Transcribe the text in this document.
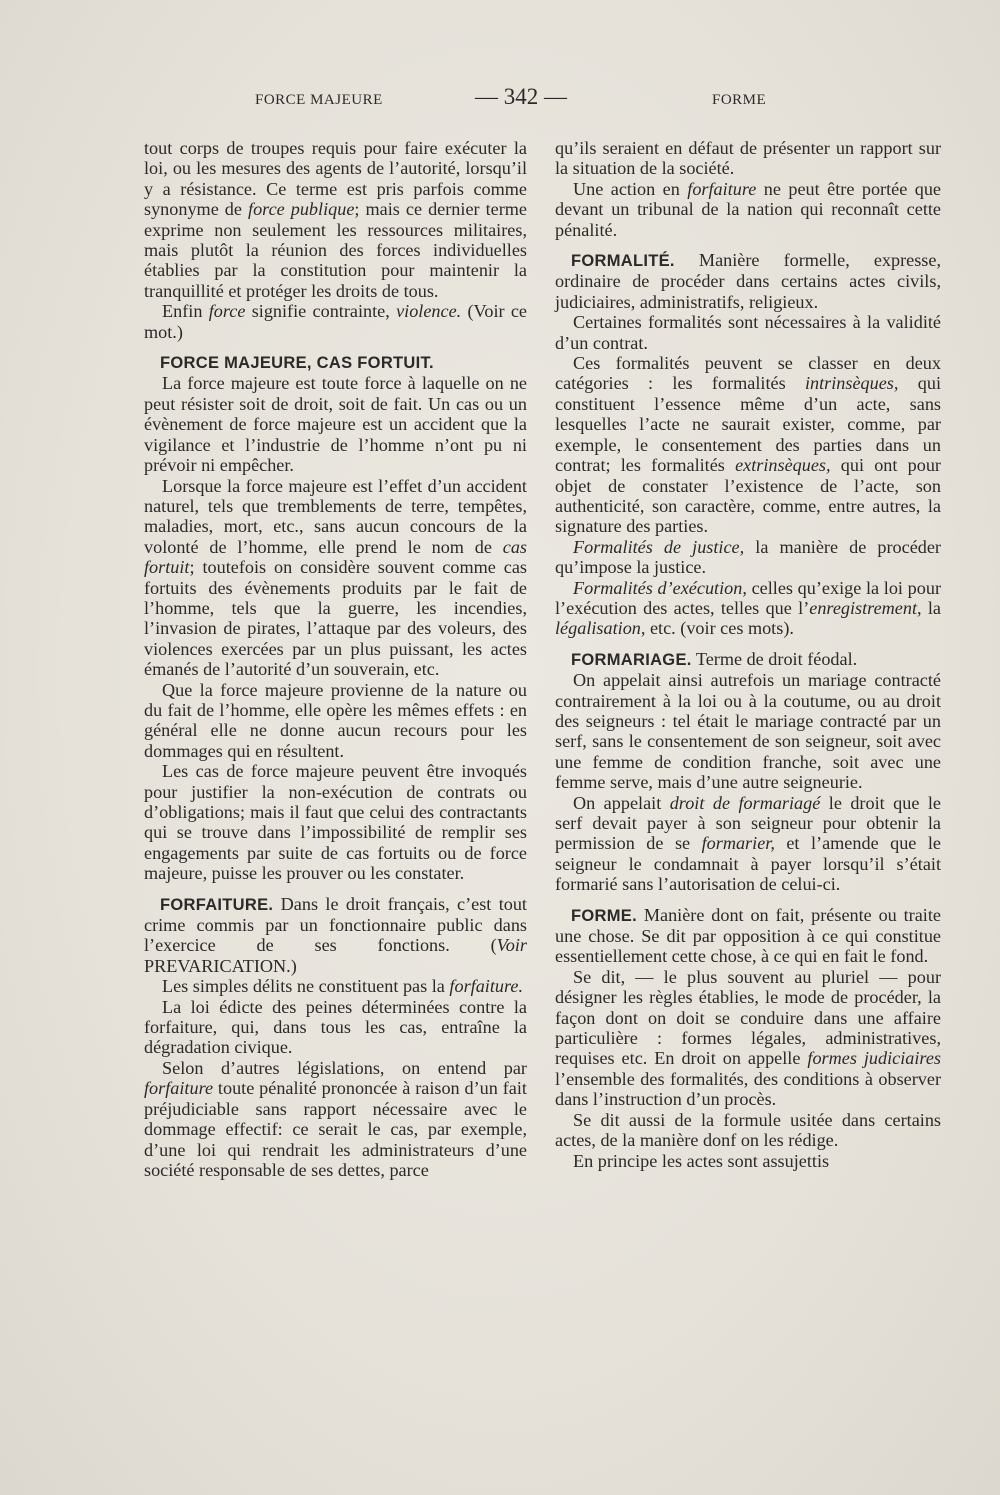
FORCE MAJEURE	— 342 —	FORME

tout corps de troupes requis pour faire exécuter la loi, ou les mesures des agents de l’autorité, lorsqu’il y a résistance. Ce terme est pris parfois comme synonyme de force publique; mais ce dernier terme exprime non seulement les ressources militaires, mais plutôt la réunion des forces individuelles établies par la constitution pour maintenir la tranquillité et protéger les droits de tous.

Enfin force signifie contrainte, violence. (Voir ce mot.)

FORCE MAJEURE, CAS FORTUIT.

La force majeure est toute force à laquelle on ne peut résister soit de droit, soit de fait. Un cas ou un évènement de force majeure est un accident que la vigilance et l’industrie de l’homme n’ont pu ni prévoir ni empêcher.

Lorsque la force majeure est l’effet d’un accident naturel, tels que tremblements de terre, tempêtes, maladies, mort, etc., sans aucun concours de la volonté de l’homme, elle prend le nom de cas fortuit; toutefois on considère souvent comme cas fortuits des évènements produits par le fait de l’homme, tels que la guerre, les incendies, l’invasion de pirates, l’attaque par des voleurs, des violences exercées par un plus puissant, les actes émanés de l’autorité d’un souverain, etc.

Que la force majeure provienne de la nature ou du fait de l’homme, elle opère les mêmes effets : en général elle ne donne aucun recours pour les dommages qui en résultent.

Les cas de force majeure peuvent être invoqués pour justifier la non-exécution de contrats ou d’obligations; mais il faut que celui des contractants qui se trouve dans l’impossibilité de remplir ses engagements par suite de cas fortuits ou de force majeure, puisse les prouver ou les constater.

FORFAITURE. Dans le droit français, c’est tout crime commis par un fonctionnaire public dans l’exercice de ses fonctions. (Voir PREVARICATION.)

Les simples délits ne constituent pas la forfaiture.

La loi édicte des peines déterminées contre la forfaiture, qui, dans tous les cas, entraîne la dégradation civique.

Selon d’autres législations, on entend par forfaiture toute pénalité prononcée à raison d’un fait préjudiciable sans rapport nécessaire avec le dommage effectif: ce serait le cas, par exemple, d’une loi qui rendrait les administrateurs d’une société responsable de ses dettes, parce

qu’ils seraient en défaut de présenter un rapport sur la situation de la société.

Une action en forfaiture ne peut être portée que devant un tribunal de la nation qui reconnaît cette pénalité.

FORMALITÉ. Manière formelle, expresse, ordinaire de procéder dans certains actes civils, judiciaires, administratifs, religieux.

Certaines formalités sont nécessaires à la validité d’un contrat.

Ces formalités peuvent se classer en deux catégories : les formalités intrinsèques, qui constituent l’essence même d’un acte, sans lesquelles l’acte ne saurait exister, comme, par exemple, le consentement des parties dans un contrat; les formalités extrinsèques, qui ont pour objet de constater l’existence de l’acte, son authenticité, son caractère, comme, entre autres, la signature des parties.

Formalités de justice, la manière de procéder qu’impose la justice.

Formalités d’exécution, celles qu’exige la loi pour l’exécution des actes, telles que l’enregistrement, la légalisation, etc. (voir ces mots).

FORMARIAGE. Terme de droit féodal.

On appelait ainsi autrefois un mariage contracté contrairement à la loi ou à la coutume, ou au droit des seigneurs : tel était le mariage contracté par un serf, sans le consentement de son seigneur, soit avec une femme de condition franche, soit avec une femme serve, mais d’une autre seigneurie.

On appelait droit de formariagé le droit que le serf devait payer à son seigneur pour obtenir la permission de se formarier, et l’amende que le seigneur le condamnait à payer lorsqu’il s’était formarié sans l’autorisation de celui-ci.

FORME. Manière dont on fait, présente ou traite une chose. Se dit par opposition à ce qui constitue essentiellement cette chose, à ce qui en fait le fond.

Se dit, — le plus souvent au pluriel — pour désigner les règles établies, le mode de procéder, la façon dont on doit se conduire dans une affaire particulière : formes légales, administratives, requises etc. En droit on appelle formes judiciaires l’ensemble des formalités, des conditions à observer dans l’instruction d’un procès.

Se dit aussi de la formule usitée dans certains actes, de la manière donf on les rédige.

En principe les actes sont assujettis
